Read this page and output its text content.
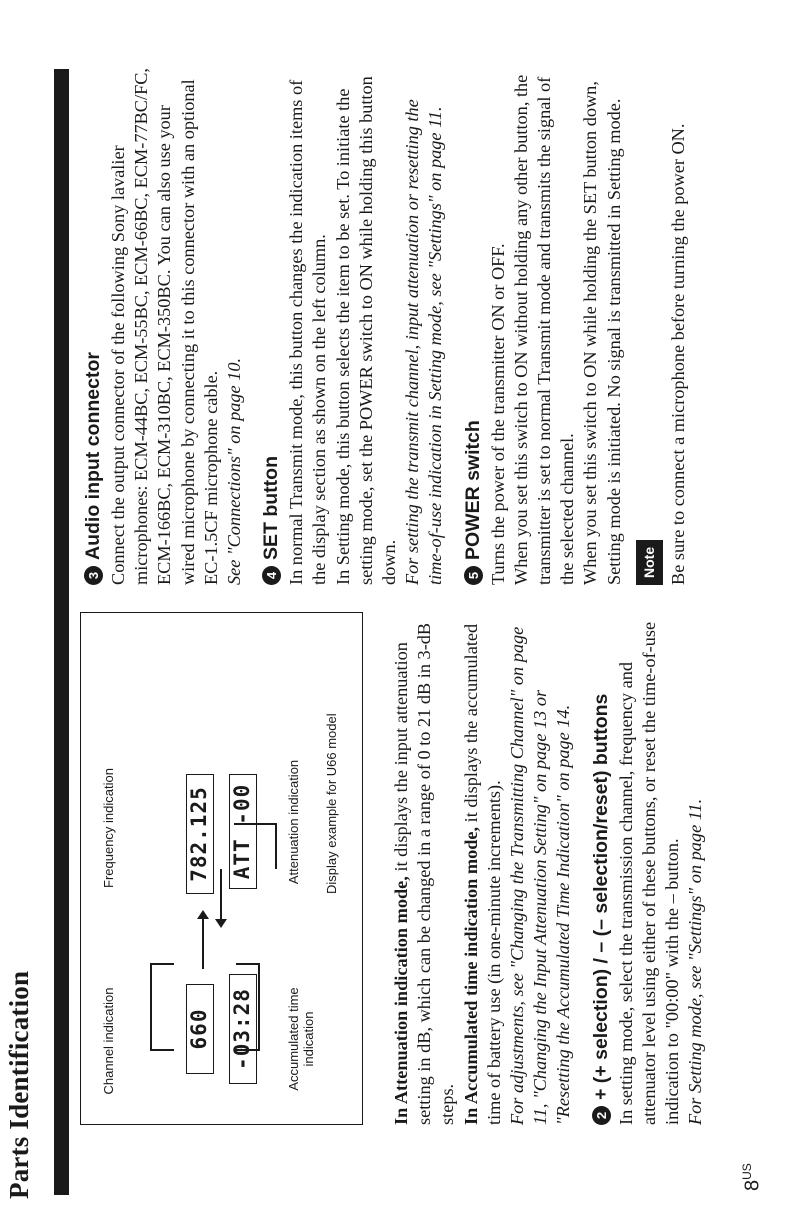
Parts Identification	Channel indication
Frequency indication
660
782.125
-03:28
ATT -00
Accumulated time indication
Attenuation indication Display example for U66 model

In Attenuation indication mode, it displays the input attenuation setting in dB, which can be changed in a range of 0 to 21 dB in 3-dB steps. In Accumulated time indication mode, it displays the accumulated time of battery use (in one-minute increments). For adjustments, see "Changing the Transmitting Channel" on page 11, "Changing the Input Attenuation Setting" on page 13 or "Resetting the Accumulated Time Indication" on page 14. 2
+ (+ selection) / – (– selection/reset) buttons In setting mode, select the transmission channel, frequency and attenuator level using either of these buttons, or reset the time-of-use indication to "00:00" with the – button. For Setting mode, see "Settings" on page 11.

3
Audio input connector Connect the output connector of the following Sony lavalier microphones: ECM-44BC, ECM-55BC, ECM-66BC, ECM-77BC/FC, ECM-166BC, ECM-310BC, ECM-350BC. You can also use your wired microphone by connecting it to this connector with an optional EC-1.5CF microphone cable. See "Connections" on page 10. 4
SET button In normal Transmit mode, this button changes the indication items of the display section as shown on the left column. In Setting mode, this button selects the item to be set. To initiate the setting mode, set the POWER switch to ON while holding this button down. For setting the transmit channel, input attenuation or resetting the time-of-use indication in Setting mode, see "Settings" on page 11. 5
POWER switch Turns the power of the transmitter ON or OFF. When you set this switch to ON without holding any other button, the transmitter is set to normal Transmit mode and transmits the signal of the selected channel. When you set this switch to ON while holding the SET button down, Setting mode is initiated. No signal is transmitted in Setting mode. Note Be sure to connect a microphone before turning the power ON.

$8^{US}$
